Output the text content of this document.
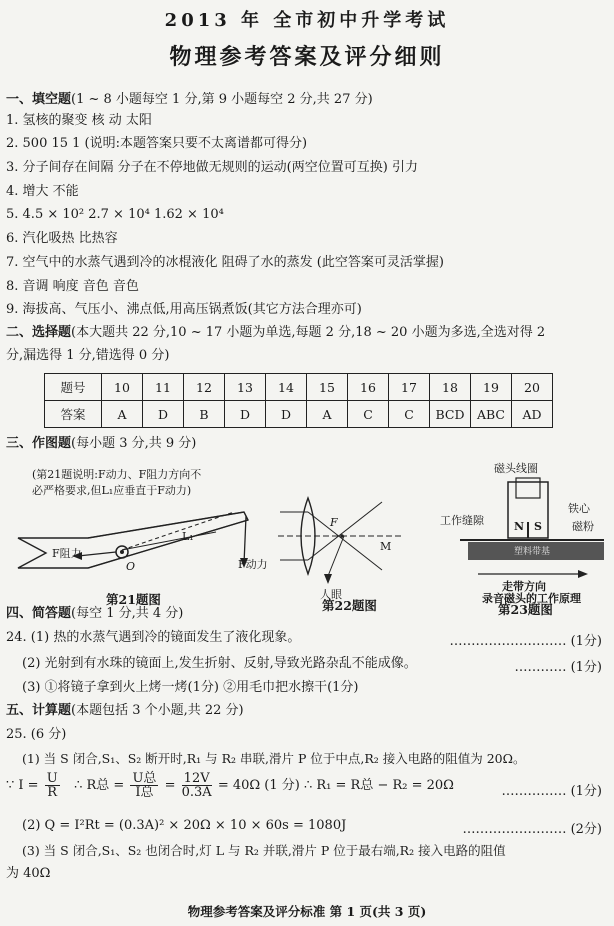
2013 年 全市初中升学考试
物理参考答案及评分细则
一、填空题(1 ~ 8 小题每空 1 分,第 9 小题每空 2 分,共 27 分)
1. 氢核的聚变 核 动 太阳
2. 500 15 1 (说明:本题答案只要不太离谱都可得分)
3. 分子间存在间隔 分子在不停地做无规则的运动(两空位置可互换) 引力
4. 增大 不能
5. 4.5 × 10² 2.7 × 10⁴ 1.62 × 10⁴
6. 汽化吸热 比热容
7. 空气中的水蒸气遇到冷的冰棍液化 阻碍了水的蒸发 (此空答案可灵活掌握)
8. 音调 响度 音色 音色
9. 海拔高、气压小、沸点低,用高压锅煮饭(其它方法合理亦可)
二、选择题(本大题共 22 分,10 ~ 17 小题为单选,每题 2 分,18 ~ 20 小题为多选,全选对得 2
分,漏选得 1 分,错选得 0 分)
题号	10	11	12	13	14	15	16	17	18	19	20
答案	A	D	B	D	D	A	C	C	BCD	ABC	AD
三、作图题(每小题 3 分,共 9 分)
(第21题说明:F动力、F阻力方向不
必严格要求,但L₁应垂直于F动力)
F阻力
F动力
L₁
O
第21题图
F
M
人眼
第22题图
磁头线圈
工作缝隙
铁心
磁粉
N S
塑料带基
走带方向
录音磁头的工作原理
第23题图
四、简答题(每空 1 分,共 4 分)
24. (1) 热的水蒸气遇到冷的镜面发生了液化现象。	……………………… (1分)
(2) 光射到有水珠的镜面上,发生折射、反射,导致光路杂乱不能成像。	………… (1分)
(3) ①将镜子拿到火上烤一烤(1分) ②用毛巾把水擦干(1分)
五、计算题(本题包括 3 个小题,共 22 分)
25. (6 分)
(1) 当 S 闭合,S₁、S₂ 断开时,R₁ 与 R₂ 串联,滑片 P 位于中点,R₂ 接入电路的阻值为 20Ω。
∵ $I = \frac{U}{R}$ ∴ R总 = $\frac{\text{U总}}{\text{I总}} = \frac{12V}{0.3A} = 40\Omega$ (1 分) ∴ R₁ = R总 − R₂ = 20Ω	…………… (1分)
(2) Q = I²Rt = (0.3A)² × 20Ω × 10 × 60s = 1080J	…………………… (2分)
(3) 当 S 闭合,S₁、S₂ 也闭合时,灯 L 与 R₂ 并联,滑片 P 位于最右端,R₂ 接入电路的阻值
为 40Ω
物理参考答案及评分标准 第 1 页(共 3 页)
